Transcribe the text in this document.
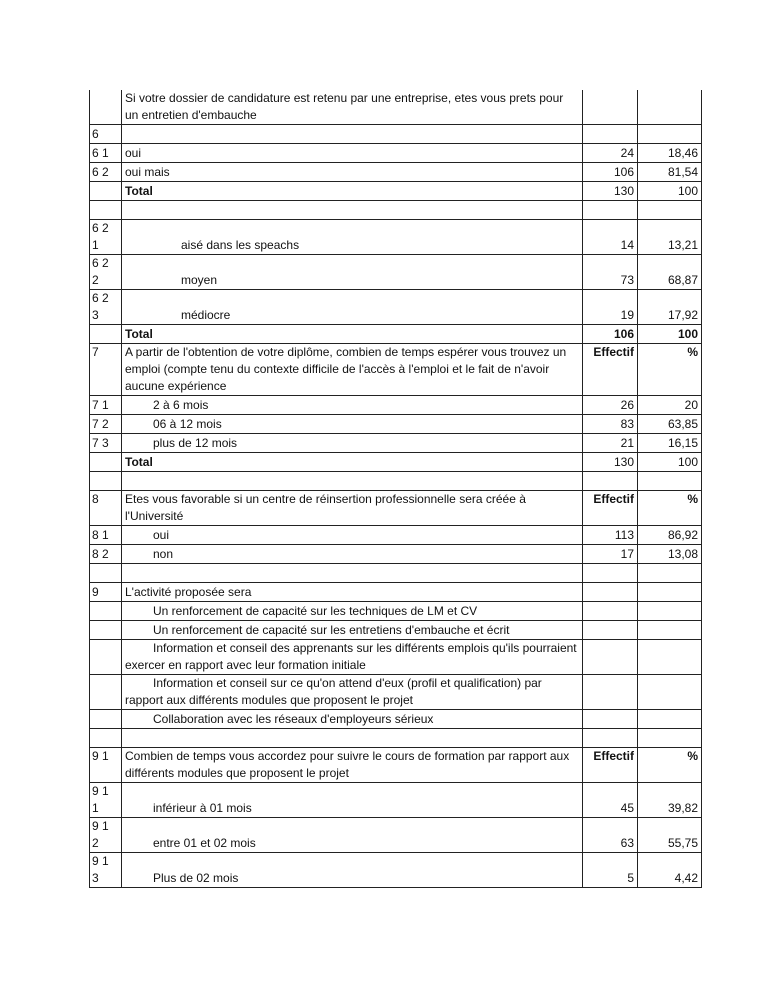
	Si votre dossier de candidature est retenu par une entreprise, etes vous prets pour un entretien d'embauche		

6			

6 1	oui	24	18,46

6 2	oui mais	106	81,54

	Total	130	100

6 2 1	aisé dans les speachs	14	13,21

6 2 2	moyen	73	68,87

6 2 3	médiocre	19	17,92

	Total	106	100

7	A partir de l'obtention de votre diplôme, combien de temps espérer vous trouvez un emploi (compte tenu du contexte difficile de l'accès à l'emploi et le fait de n'avoir aucune expérience	Effectif	%

7 1	2 à 6 mois	26	20

7 2	06 à 12 mois	83	63,85

7 3	plus de 12 mois	21	16,15

	Total	130	100

8	Etes vous favorable si un centre de réinsertion professionnelle sera créée à l'Université	Effectif	%

8 1	oui	113	86,92

8 2	non	17	13,08

9	L'activité proposée sera		

	Un renforcement de capacité sur les techniques de LM et CV		

	Un renforcement de capacité sur les entretiens d'embauche et écrit		

	Information et conseil des apprenants sur les différents emplois qu'ils pourraient exercer en rapport avec leur formation initiale		

	Information et conseil sur ce qu'on attend d'eux (profil et qualification) par rapport aux différents modules que proposent le projet		

	Collaboration avec les réseaux d'employeurs sérieux		

9 1	Combien de temps vous accordez pour suivre le cours de formation par rapport aux différents modules que proposent le projet	Effectif	%

9 1 1	inférieur à 01 mois	45	39,82

9 1 2	entre 01 et 02 mois	63	55,75

9 1 3	Plus de 02 mois	5	4,42
